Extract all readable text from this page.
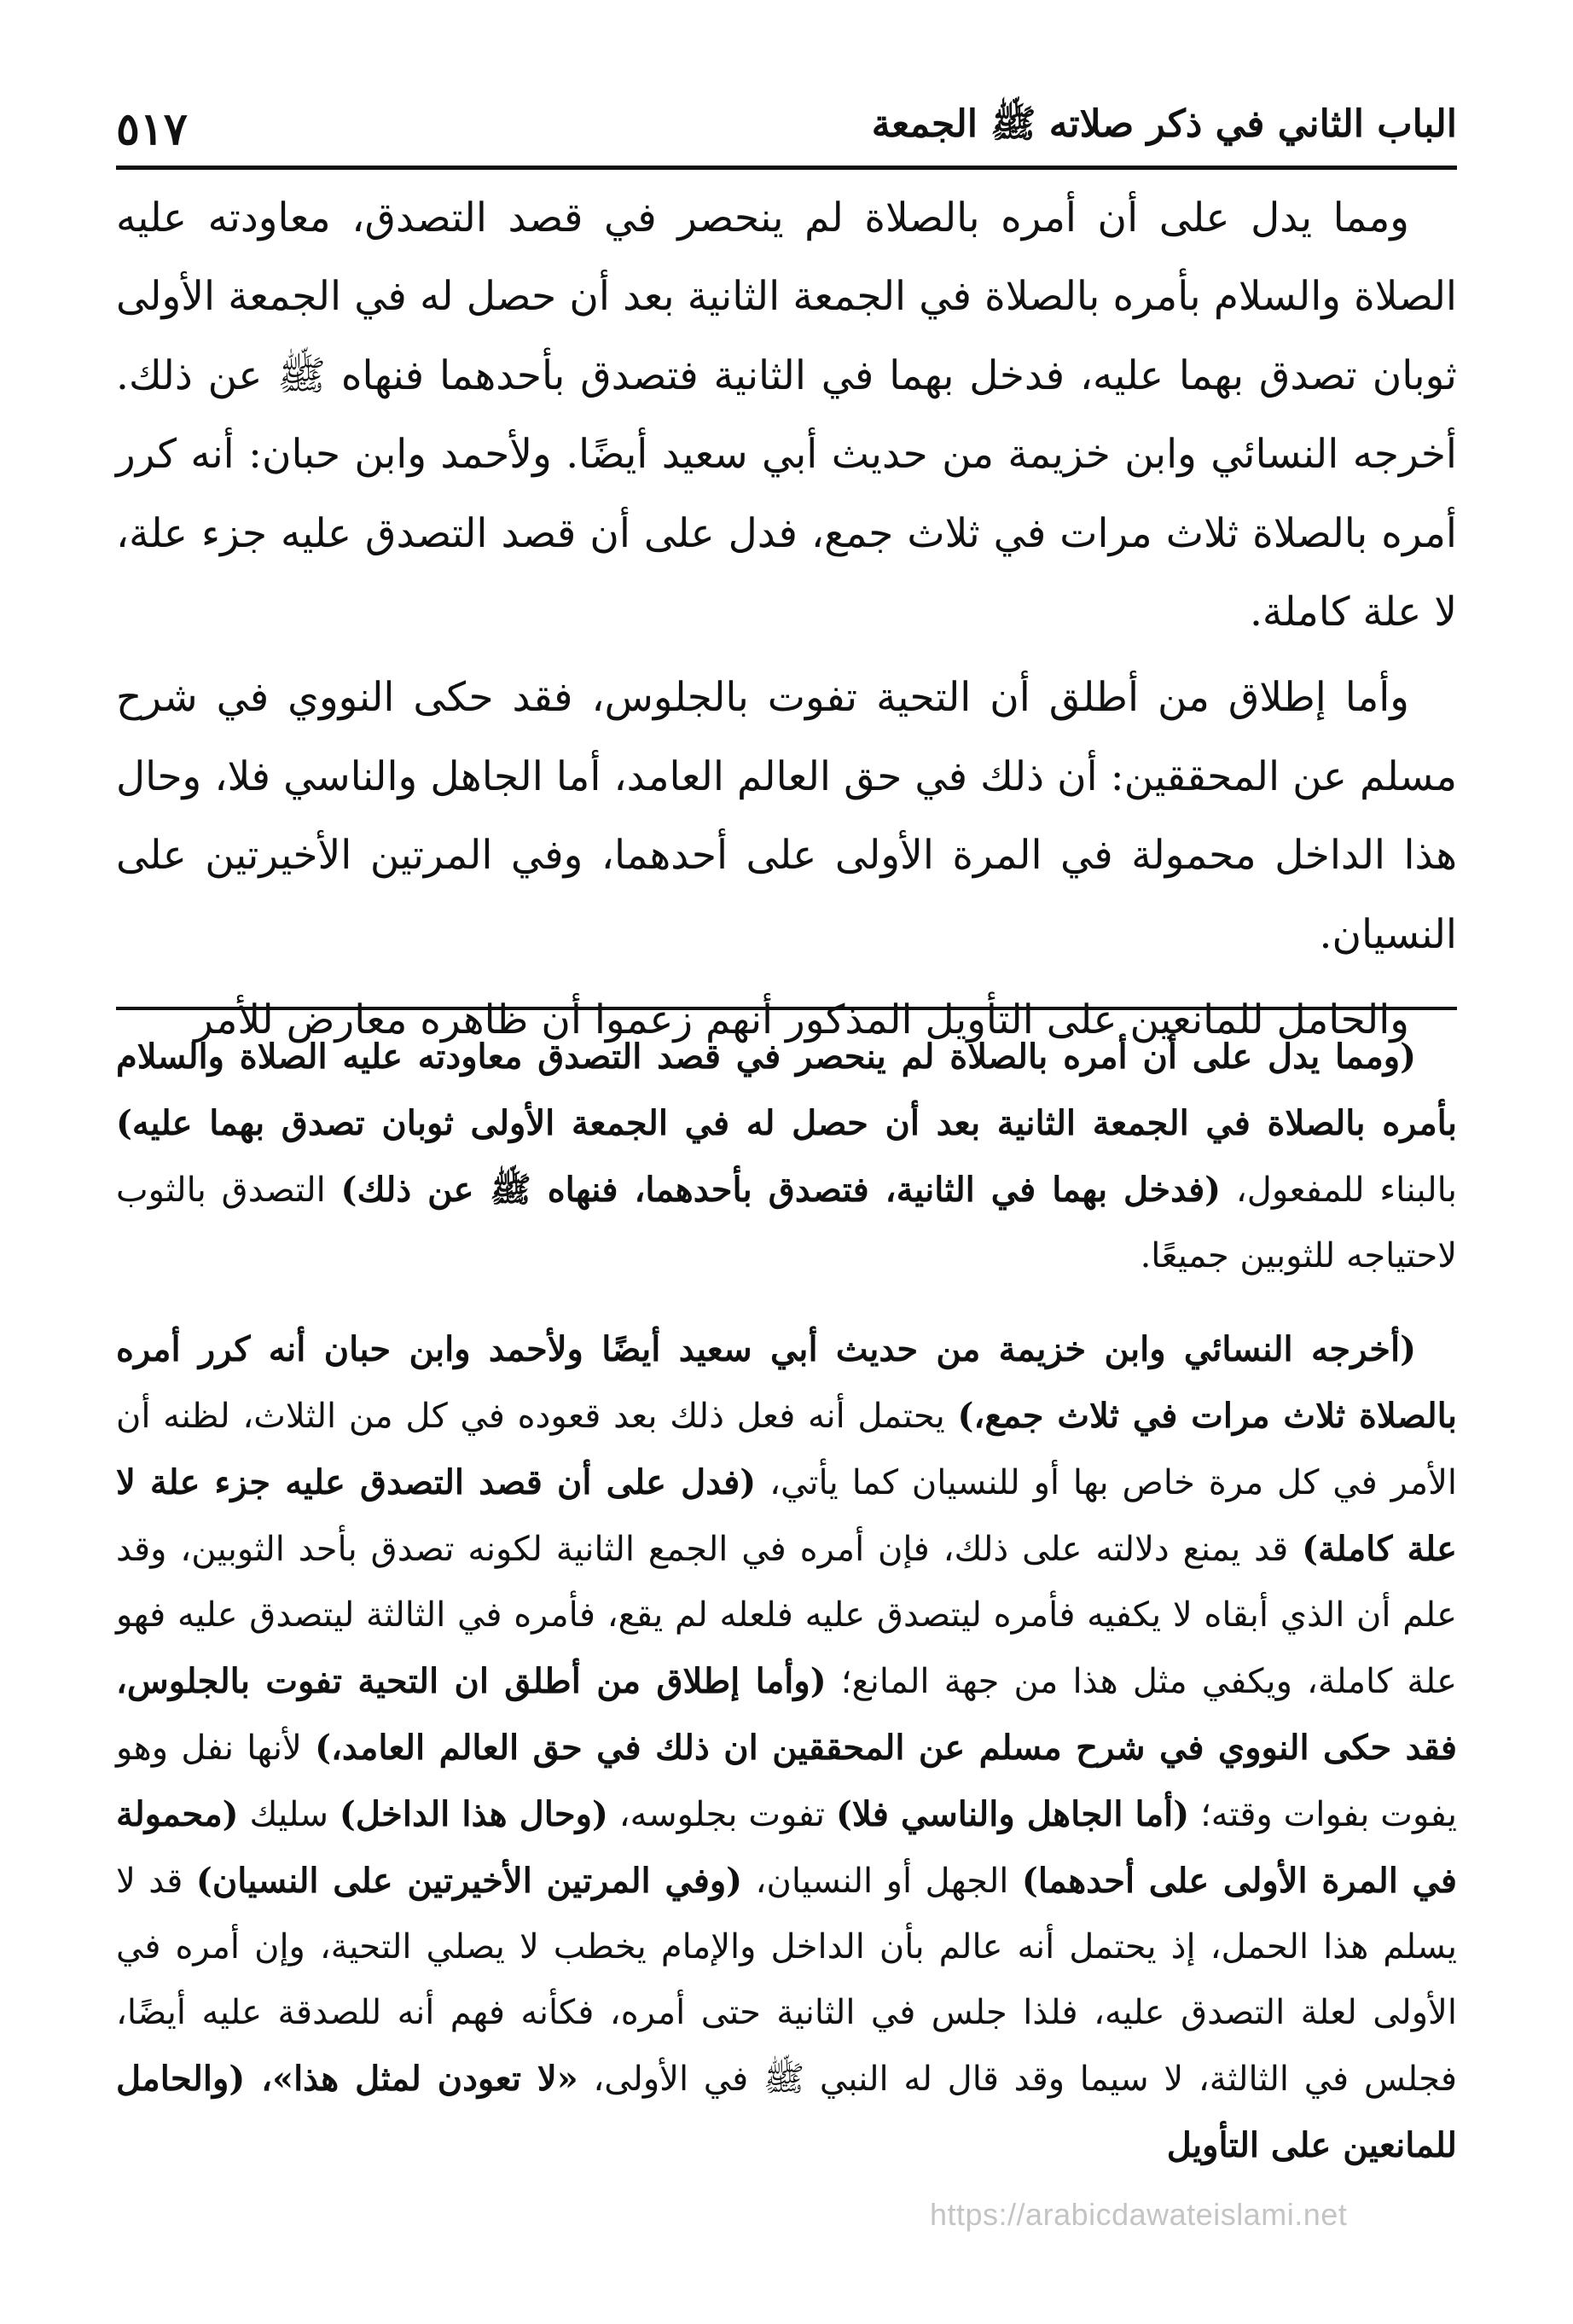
الباب الثاني في ذكر صلاته ﷺ الجمعة
٥١٧

ومما يدل على أن أمره بالصلاة لم ينحصر في قصد التصدق، معاودته عليه الصلاة والسلام بأمره بالصلاة في الجمعة الثانية بعد أن حصل له في الجمعة الأولى ثوبان تصدق بهما عليه، فدخل بهما في الثانية فتصدق بأحدهما فنهاه ﷺ عن ذلك. أخرجه النسائي وابن خزيمة من حديث أبي سعيد أيضًا. ولأحمد وابن حبان: أنه كرر أمره بالصلاة ثلاث مرات في ثلاث جمع، فدل على أن قصد التصدق عليه جزء علة، لا علة كاملة.

وأما إطلاق من أطلق أن التحية تفوت بالجلوس، فقد حكى النووي في شرح مسلم عن المحققين: أن ذلك في حق العالم العامد، أما الجاهل والناسي فلا، وحال هذا الداخل محمولة في المرة الأولى على أحدهما، وفي المرتين الأخيرتين على النسيان.

والحامل للمانعين على التأويل المذكور أنهم زعموا أن ظاهره معارض للأمر

(ومما يدل على أن أمره بالصلاة لم ينحصر في قصد التصدق معاودته عليه الصلاة والسلام بأمره بالصلاة في الجمعة الثانية بعد أن حصل له في الجمعة الأولى ثوبان تصدق بهما عليه) بالبناء للمفعول، (فدخل بهما في الثانية، فتصدق بأحدهما، فنهاه ﷺ عن ذلك) التصدق بالثوب لاحتياجه للثوبين جميعًا.

(أخرجه النسائي وابن خزيمة من حديث أبي سعيد أيضًا ولأحمد وابن حبان أنه كرر أمره بالصلاة ثلاث مرات في ثلاث جمع،) يحتمل أنه فعل ذلك بعد قعوده في كل من الثلاث، لظنه أن الأمر في كل مرة خاص بها أو للنسيان كما يأتي، (فدل على أن قصد التصدق عليه جزء علة لا علة كاملة) قد يمنع دلالته على ذلك، فإن أمره في الجمع الثانية لكونه تصدق بأحد الثوبين، وقد علم أن الذي أبقاه لا يكفيه فأمره ليتصدق عليه فلعله لم يقع، فأمره في الثالثة ليتصدق عليه فهو علة كاملة، ويكفي مثل هذا من جهة المانع؛ (وأما إطلاق من أطلق ان التحية تفوت بالجلوس، فقد حكى النووي في شرح مسلم عن المحققين ان ذلك في حق العالم العامد،) لأنها نفل وهو يفوت بفوات وقته؛ (أما الجاهل والناسي فلا) تفوت بجلوسه، (وحال هذا الداخل) سليك (محمولة في المرة الأولى على أحدهما) الجهل أو النسيان، (وفي المرتين الأخيرتين على النسيان) قد لا يسلم هذا الحمل، إذ يحتمل أنه عالم بأن الداخل والإمام يخطب لا يصلي التحية، وإن أمره في الأولى لعلة التصدق عليه، فلذا جلس في الثانية حتى أمره، فكأنه فهم أنه للصدقة عليه أيضًا، فجلس في الثالثة، لا سيما وقد قال له النبي ﷺ في الأولى، «لا تعودن لمثل هذا»، (والحامل للمانعين على التأويل

https://arabicdawateislami.net
